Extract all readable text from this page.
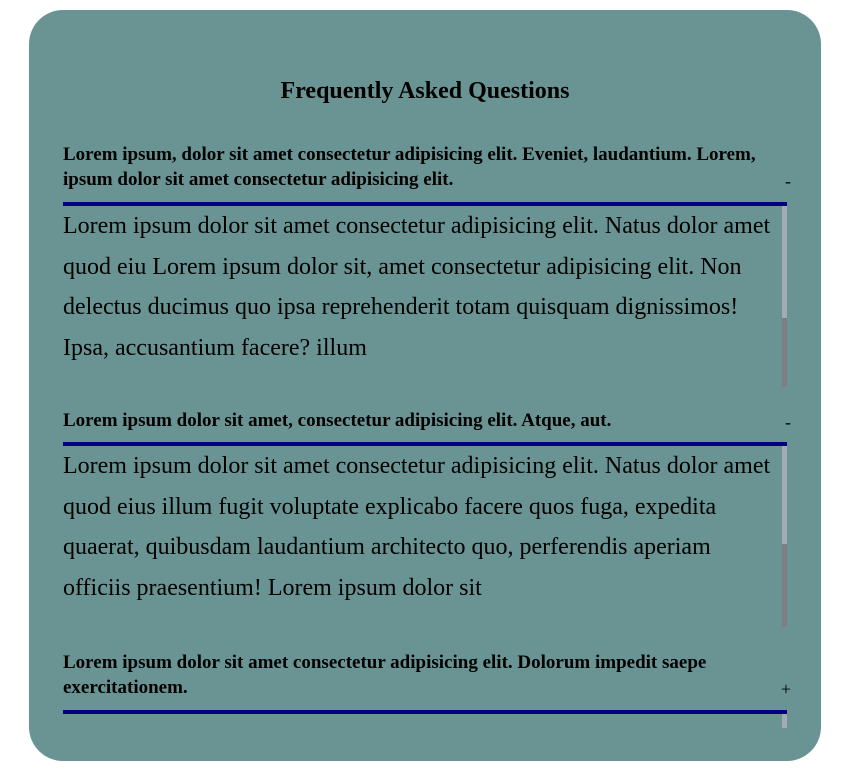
Frequently Asked Questions
Lorem ipsum, dolor sit amet consectetur adipisicing elit. Eveniet, laudantium. Lorem, ipsum dolor sit amet consectetur adipisicing elit.	-

Lorem ipsum dolor sit amet consectetur adipisicing elit. Natus dolor amet quod eiu Lorem ipsum dolor sit, amet consectetur adipisicing elit. Non delectus ducimus quo ipsa reprehenderit totam quisquam dignissimos! Ipsa, accusantium facere? illum

Lorem ipsum dolor sit amet, consectetur adipisicing elit. Atque, aut.	-

Lorem ipsum dolor sit amet consectetur adipisicing elit. Natus dolor amet quod eius illum fugit voluptate explicabo facere quos fuga, expedita quaerat, quibusdam laudantium architecto quo, perferendis aperiam officiis praesentium! Lorem ipsum dolor sit

Lorem ipsum dolor sit amet consectetur adipisicing elit. Dolorum impedit saepe exercitationem.	+
